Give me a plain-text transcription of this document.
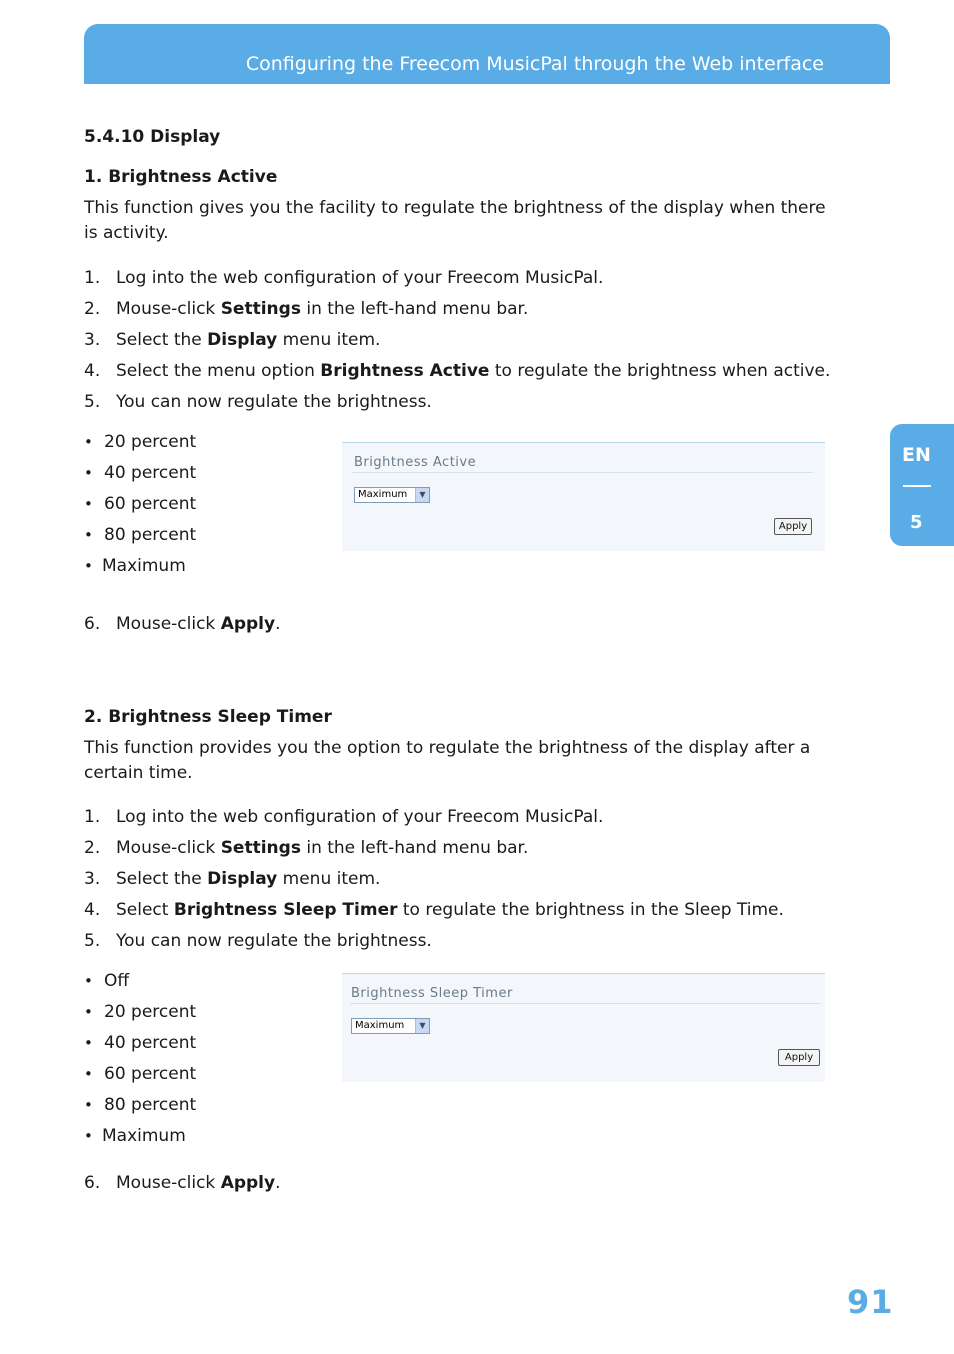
Configuring the Freecom MusicPal through the Web interface
EN
5
5.4.10 Display
1. Brightness Active
This function gives you the facility to regulate the brightness of the display when there
is activity.
1. Log into the web configuration of your Freecom MusicPal.
2. Mouse-click Settings in the left-hand menu bar.
3. Select the Display menu item.
4. Select the menu option Brightness Active to regulate the brightness when active.
5. You can now regulate the brightness.
• 20 percent
• 40 percent
• 60 percent
• 80 percent
• Maximum
Brightness Active
Maximum	▼
Apply
6. Mouse-click Apply.
2. Brightness Sleep Timer
This function provides you the option to regulate the brightness of the display after a
certain time.
1. Log into the web configuration of your Freecom MusicPal.
2. Mouse-click Settings in the left-hand menu bar.
3. Select the Display menu item.
4. Select Brightness Sleep Timer to regulate the brightness in the Sleep Time.
5. You can now regulate the brightness.
• Off
• 20 percent
• 40 percent
• 60 percent
• 80 percent
• Maximum
Brightness Sleep Timer
Maximum	▼
Apply
6. Mouse-click Apply.
91
